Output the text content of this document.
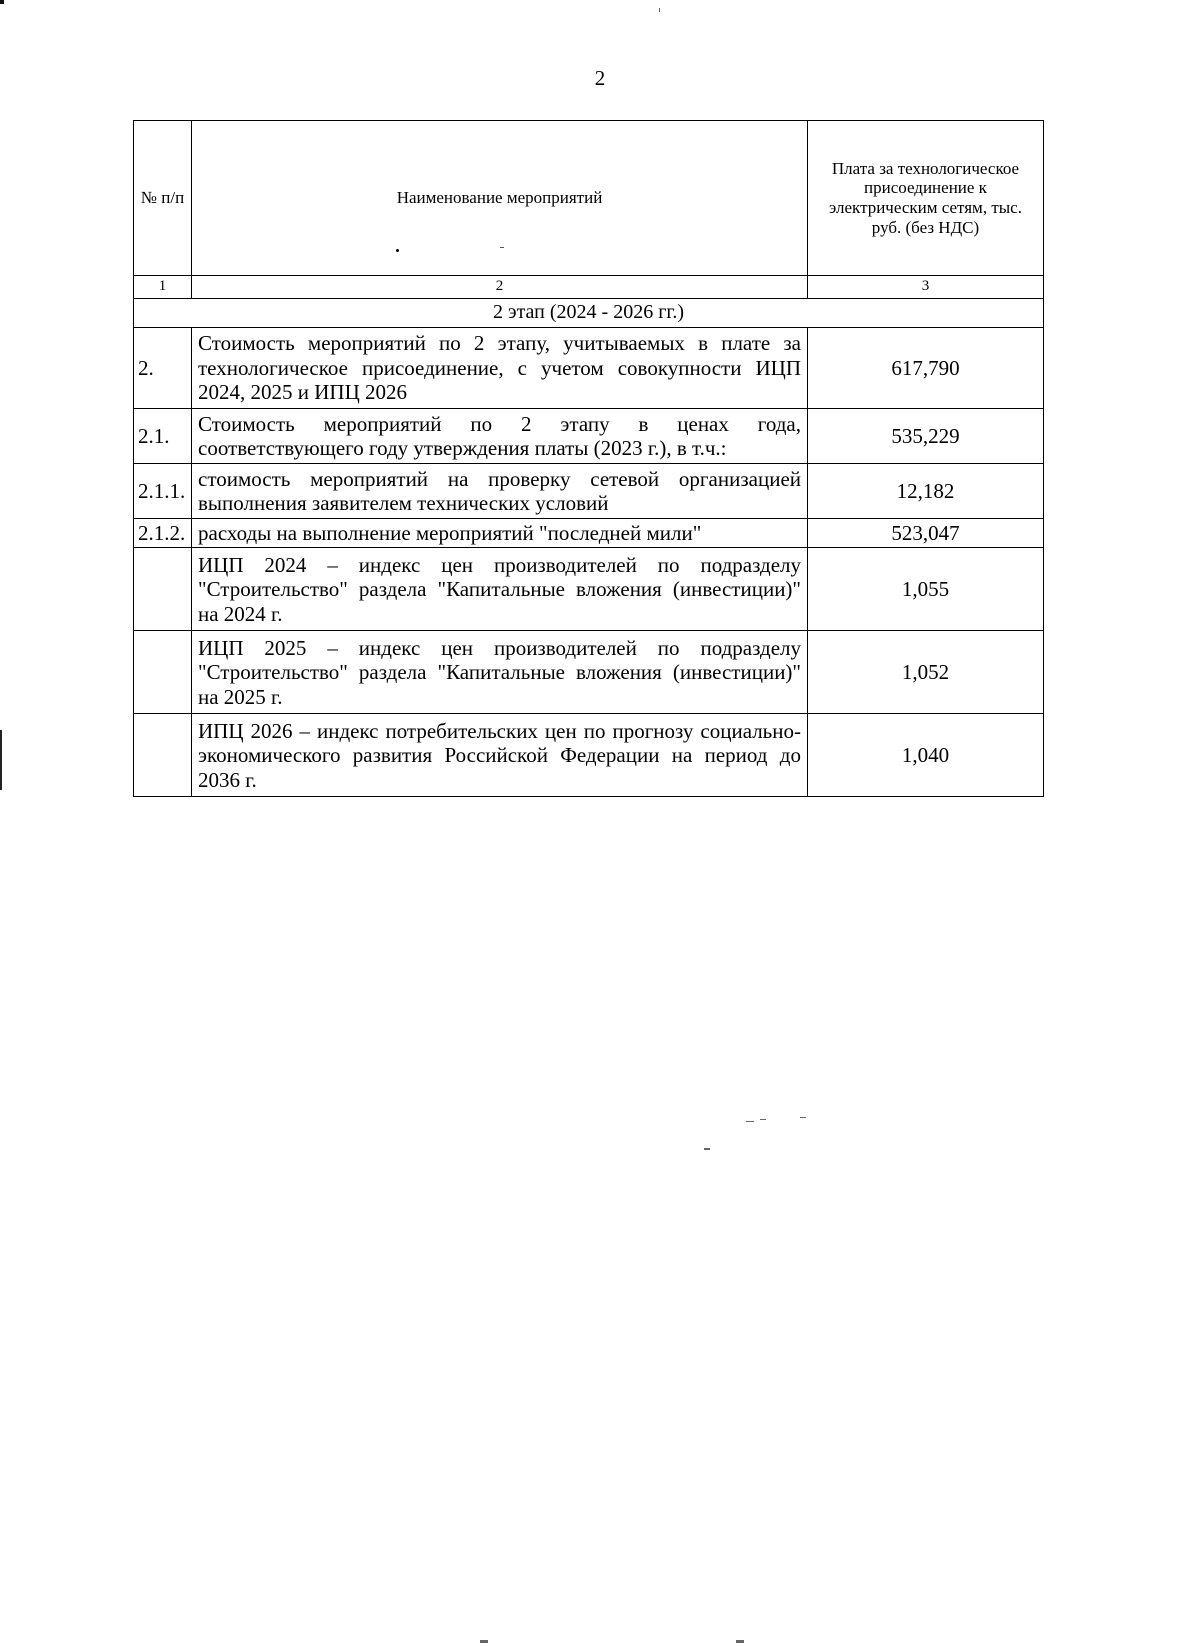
2
№ п/п	Наименование мероприятий	Плата за технологическое присоединение к электрическим сетям, тыс. руб. (без НДС)
1	2	3
2 этап (2024 - 2026 гг.)		
2.	Стоимость мероприятий по 2 этапу, учитываемых в плате за технологическое присоединение, с учетом совокупности ИЦП 2024, 2025 и ИПЦ 2026	617,790
2.1.	Стоимость мероприятий по 2 этапу в ценах года, соответствующего году утверждения платы (2023 г.), в т.ч.:	535,229
2.1.1.	стоимость мероприятий на проверку сетевой организацией выполнения заявителем технических условий	12,182
2.1.2.	расходы на выполнение мероприятий "последней мили"	523,047
	ИЦП 2024 – индекс цен производителей по подразделу "Строительство" раздела "Капитальные вложения (инвестиции)" на 2024 г.	1,055
	ИЦП 2025 – индекс цен производителей по подразделу "Строительство" раздела "Капитальные вложения (инвестиции)" на 2025 г.	1,052
	ИПЦ 2026 – индекс потребительских цен по прогнозу социально-экономического развития Российской Федерации на период до 2036 г.	1,040
